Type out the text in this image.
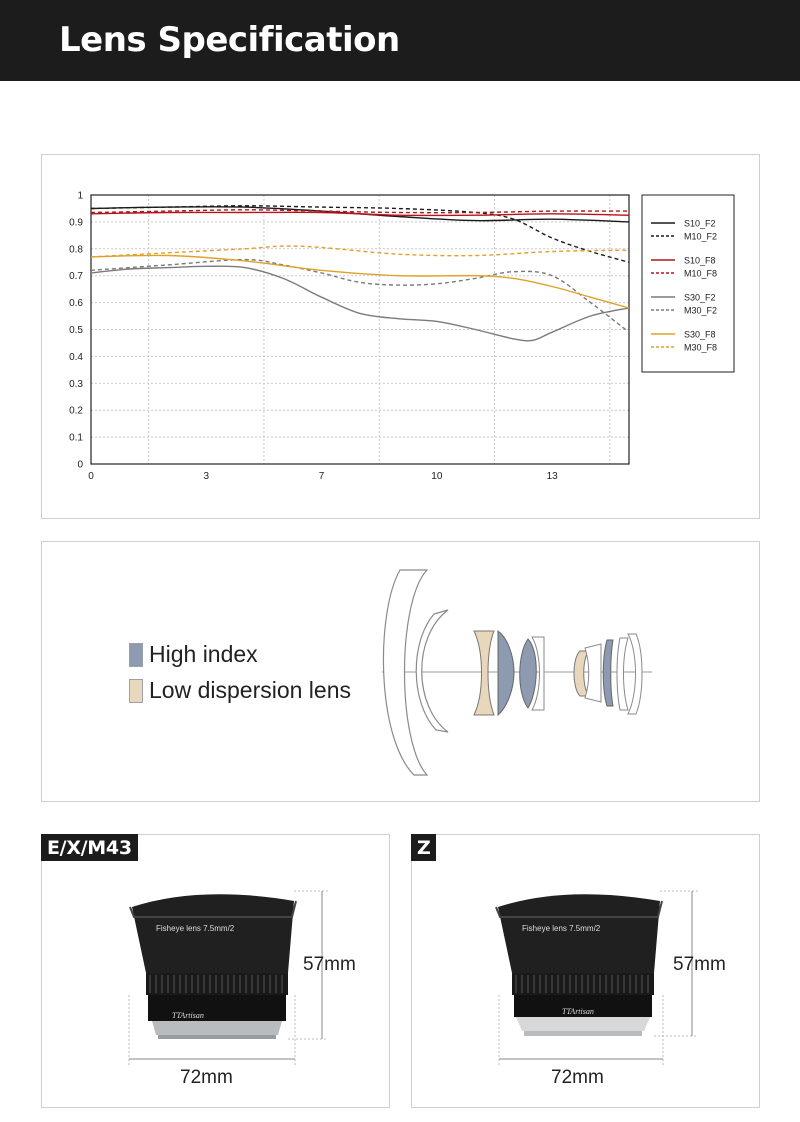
Lens Specification
0
0.1
0.2
0.3
0.4
0.5
0.6
0.7
0.8
0.9
1
0	3	7	10	13
S10_F2
M10_F2
S10_F8
M10_F8
S30_F2
M30_F2
S30_F8
M30_F8
High index
Low dispersion lens
E/X/M43
Fisheye lens 7.5mm/2
TTArtisan
57mm
72mm
Z
Fisheye lens 7.5mm/2
TTArtisan
57mm
72mm
